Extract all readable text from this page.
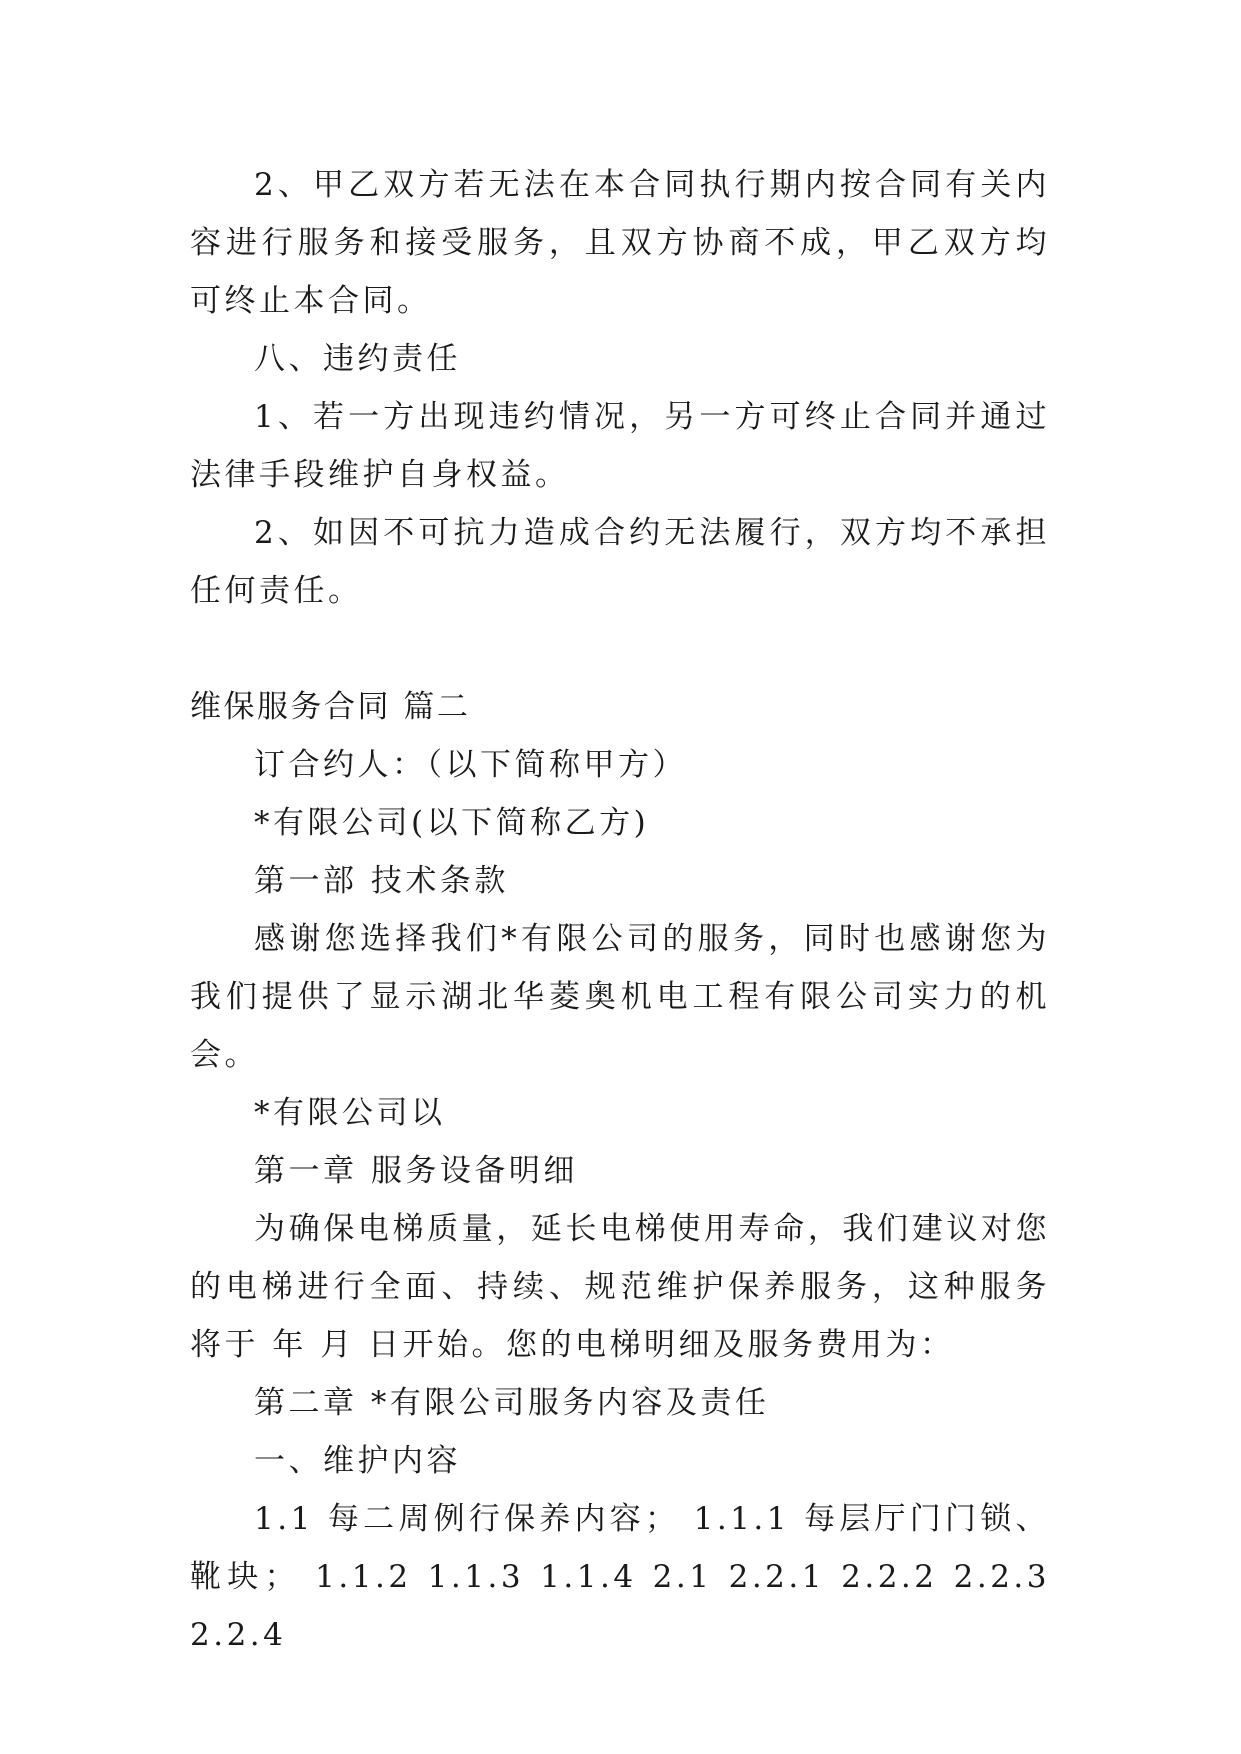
2、甲乙双方若无法在本合同执行期内按合同有关内容进行服务和接受服务，且双方协商不成，甲乙双方均可终止本合同。

八、违约责任

1、若一方出现违约情况，另一方可终止合同并通过法律手段维护自身权益。

2、如因不可抗力造成合约无法履行，双方均不承担任何责任。

维保服务合同 篇二

订合约人：（以下简称甲方）

*有限公司(以下简称乙方)

第一部 技术条款

感谢您选择我们*有限公司的服务，同时也感谢您为我们提供了显示湖北华菱奥机电工程有限公司实力的机会。

*有限公司以

第一章 服务设备明细

为确保电梯质量，延长电梯使用寿命，我们建议对您的电梯进行全面、持续、规范维护保养服务，这种服务将于 年 月 日开始。您的电梯明细及服务费用为：

第二章 *有限公司服务内容及责任

一、维护内容

1.1 每二周例行保养内容； 1.1.1 每层厅门门锁、靴块； 1.1.2 1.1.3 1.1.4 2.1 2.2.1 2.2.2 2.2.3 2.2.4
